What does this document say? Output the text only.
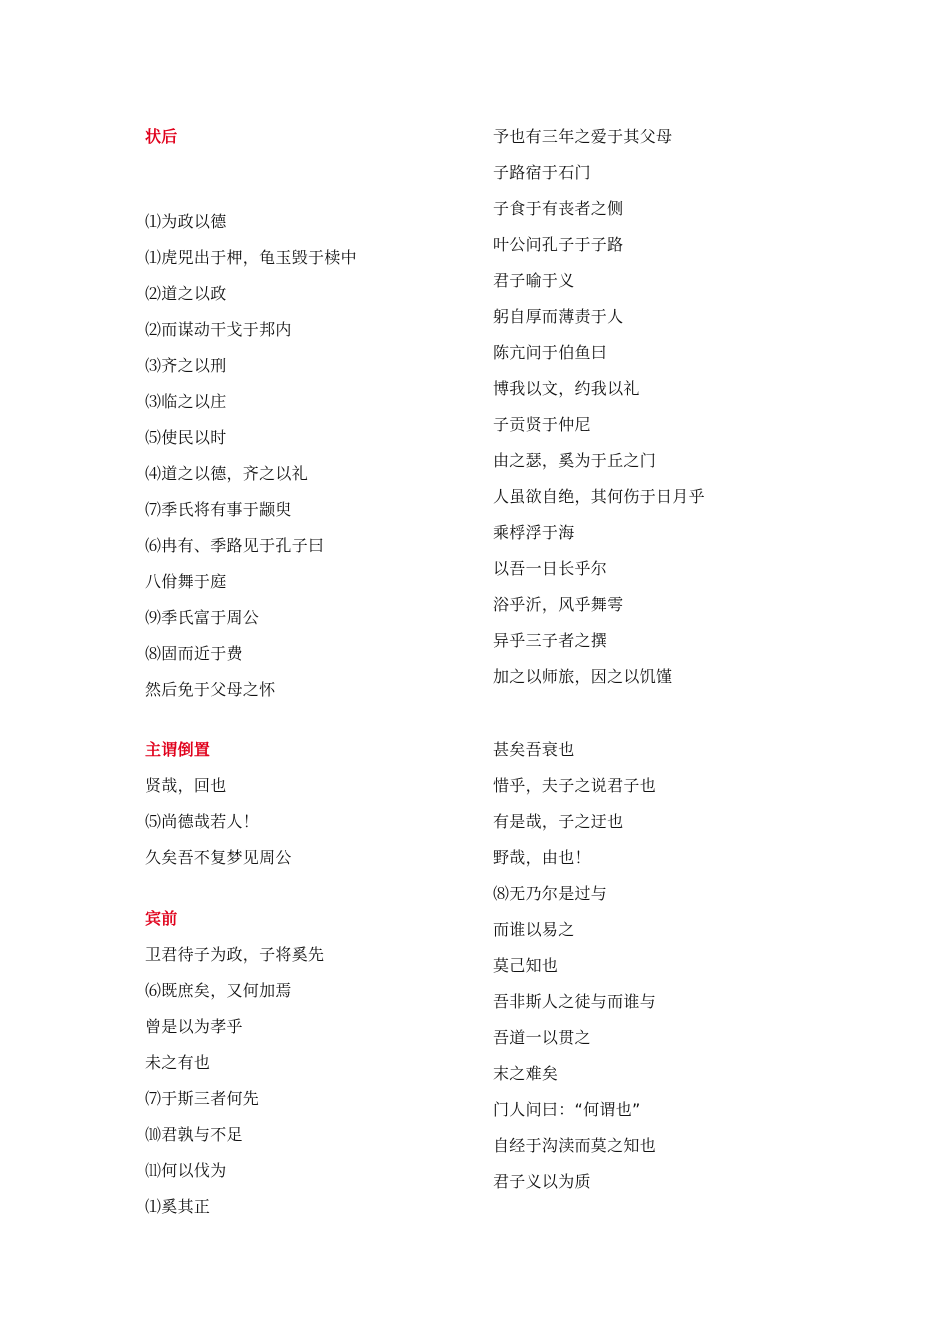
状后
⑴为政以德
⑴虎兕出于柙，龟玉毁于椟中
⑵道之以政
⑵而谋动干戈于邦内
⑶齐之以刑
⑶临之以庄
⑸使民以时
⑷道之以德，齐之以礼
⑺季氏将有事于颛臾
⑹冉有、季路见于孔子曰
八佾舞于庭
⑼季氏富于周公
⑻固而近于费
然后免于父母之怀
主谓倒置
贤哉，回也
⑸尚德哉若人！
久矣吾不复梦见周公
宾前
卫君待子为政，子将奚先
⑹既庶矣，又何加焉
曾是以为孝乎
未之有也
⑺于斯三者何先
⑽君孰与不足
⑾何以伐为
⑴奚其正
予也有三年之爱于其父母
子路宿于石门
子食于有丧者之侧
叶公问孔子于子路
君子喻于义
躬自厚而薄责于人
陈亢问于伯鱼曰
博我以文，约我以礼
子贡贤于仲尼
由之瑟，奚为于丘之门
人虽欲自绝，其何伤于日月乎
乘桴浮于海
以吾一日长乎尔
浴乎沂，风乎舞雩
异乎三子者之撰
加之以师旅，因之以饥馑
甚矣吾衰也
惜乎，夫子之说君子也
有是哉，子之迂也
野哉，由也！
⑻无乃尔是过与
而谁以易之
莫己知也
吾非斯人之徒与而谁与
吾道一以贯之
末之难矣
门人问曰：“何谓也”
自经于沟渎而莫之知也
君子义以为质
